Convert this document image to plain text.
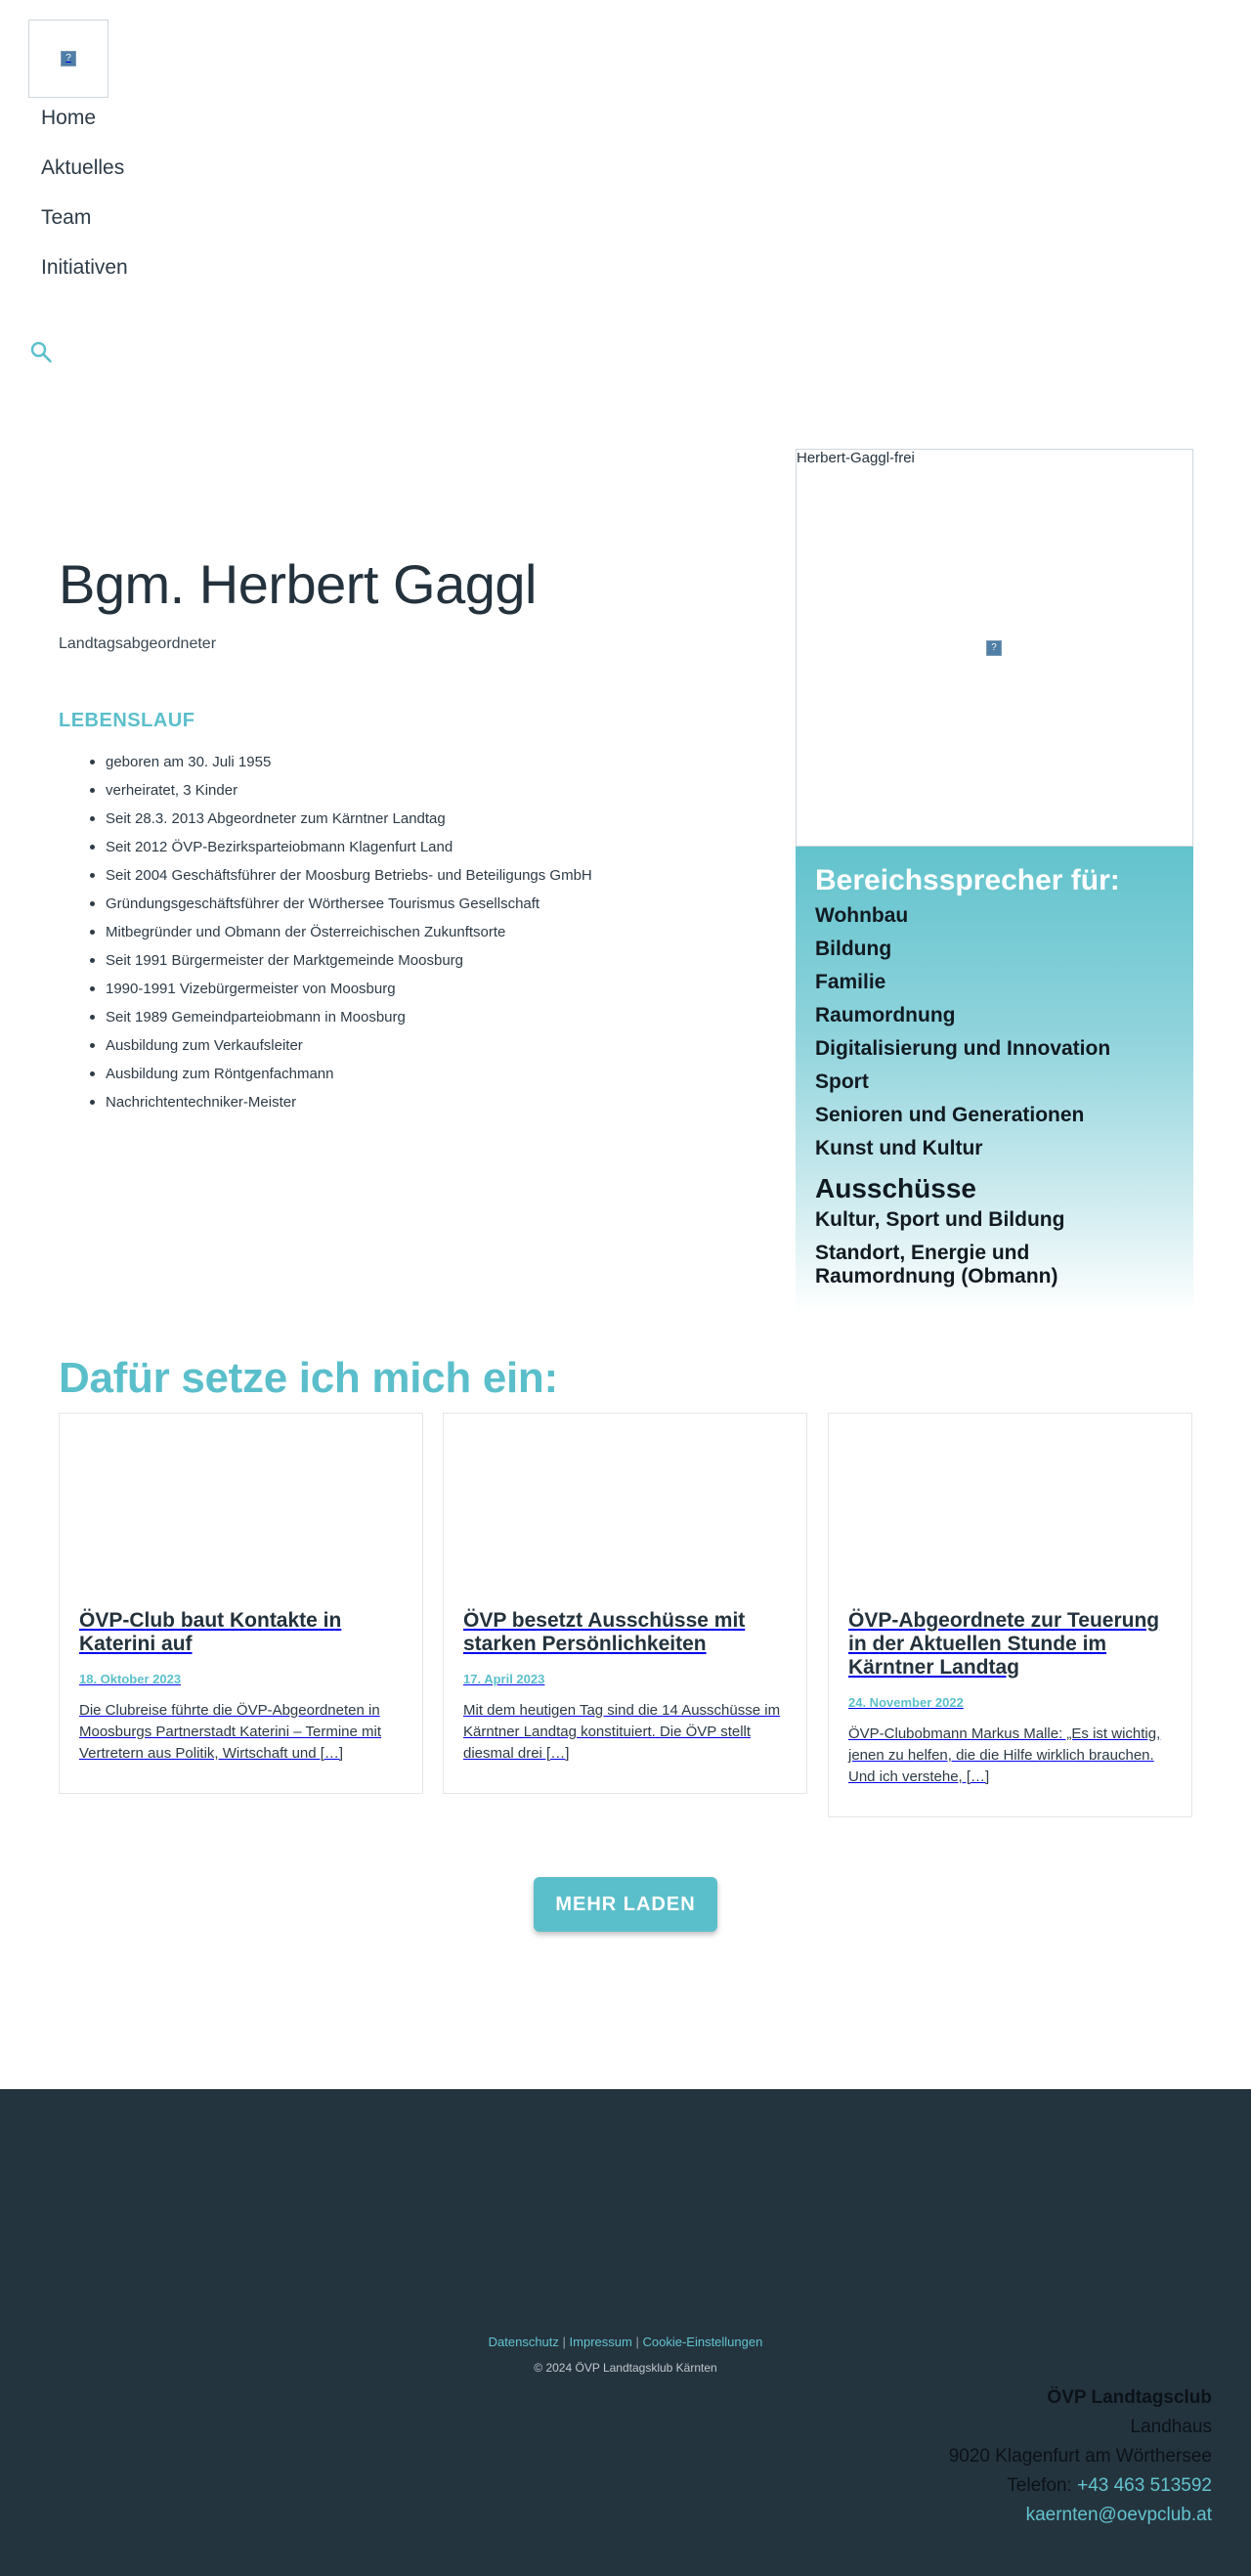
?
Home
Aktuelles
Team
Initiativen
Bgm. Herbert Gaggl
Landtagsabgeordneter
LEBENSLAUF
geboren am 30. Juli 1955
verheiratet, 3 Kinder
Seit 28.3. 2013 Abgeordneter zum Kärntner Landtag
Seit 2012 ÖVP-Bezirksparteiobmann Klagenfurt Land
Seit 2004 Geschäftsführer der Moosburg Betriebs- und Beteiligungs GmbH
Gründungsgeschäftsführer der Wörthersee Tourismus Gesellschaft
Mitbegründer und Obmann der Österreichischen Zukunftsorte
Seit 1991 Bürgermeister der Marktgemeinde Moosburg
1990-1991 Vizebürgermeister von Moosburg
Seit 1989 Gemeindparteiobmann in Moosburg
Ausbildung zum Verkaufsleiter
Ausbildung zum Röntgenfachmann
Nachrichtentechniker-Meister
Herbert-Gaggl-frei
?
Bereichssprecher für:
Wohnbau
Bildung
Familie
Raumordnung
Digitalisierung und Innovation
Sport
Senioren und Generationen
Kunst und Kultur
Ausschüsse
Kultur, Sport und Bildung
Standort, Energie und Raumordnung (Obmann)
Dafür setze ich mich ein:
ÖVP-Club baut Kontakte in Katerini auf
18. Oktober 2023
Die Clubreise führte die ÖVP-Abgeordneten in Moosburgs Partnerstadt Katerini – Termine mit Vertretern aus Politik, Wirtschaft und […]
ÖVP besetzt Ausschüsse mit starken Persönlichkeiten
17. April 2023
Mit dem heutigen Tag sind die 14 Ausschüsse im Kärntner Landtag konstituiert. Die ÖVP stellt diesmal drei […]
ÖVP-Abgeordnete zur Teuerung in der Aktuellen Stunde im Kärntner Landtag
24. November 2022
ÖVP-Clubobmann Markus Malle: „Es ist wichtig, jenen zu helfen, die die Hilfe wirklich brauchen. Und ich verstehe, […]
MEHR LADEN
Datenschutz | Impressum | Cookie-Einstellungen
© 2024 ÖVP Landtagsklub Kärnten
ÖVP Landtagsclub
Landhaus
9020 Klagenfurt am Wörthersee
Telefon: +43 463 513592
kaernten@oevpclub.at
